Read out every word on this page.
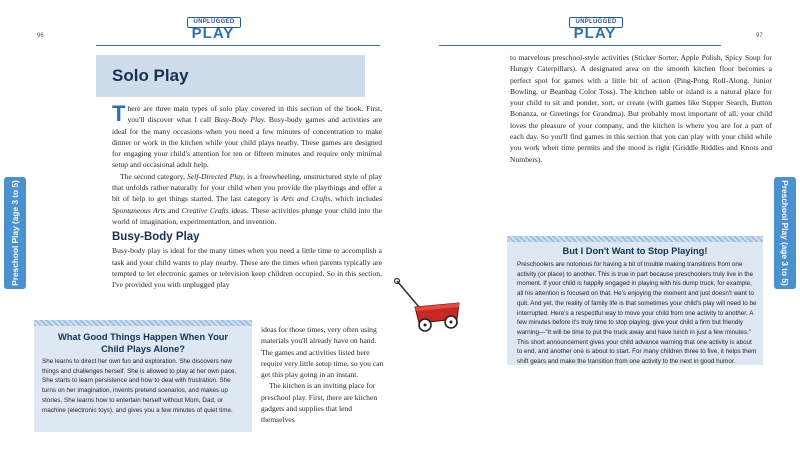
96
UNPLUGGED
PLAY
Preschool Play (age 3 to 5)
Solo Play

There are three main types of solo play covered in this section of the book. First, you'll discover what I call Busy-Body Play. Busy-body games and activities are ideal for the many occasions when you need a few minutes of concentration to make dinner or work in the kitchen while your child plays nearby. These games are designed for engaging your child's attention for ten or fifteen minutes and require only minimal setup and occasional adult help.

The second category, Self-Directed Play, is a freewheeling, unstructured style of play that unfolds rather naturally for your child when you provide the playthings and offer a bit of help to get things started. The last category is Arts and Crafts, which includes Spontaneous Arts and Creative Crafts ideas. These activities plunge your child into the world of imagination, experimentation, and invention.

Busy-Body Play

Busy-body play is ideal for the many times when you need a little time to accomplish a task and your child wants to play nearby. These are the times when parents typically are tempted to let electronic games or television keep children occupied. So in this section, I've provided you with unplugged play

ideas for those times, very often using materials you'll already have on hand. The games and activities listed here require very little setup time, so you can get this play going in an instant.

The kitchen is an inviting place for preschool play. First, there are kitchen gadgets and supplies that lend themselves

What Good Things Happen When Your Child Plays Alone?
She learns to direct her own fun and exploration. She discovers new things and challenges herself. She is allowed to play at her own pace. She starts to learn persistence and how to deal with frustration. She turns on her imagination, invents pretend scenarios, and makes up stories. She learns how to entertain herself without Mom, Dad, or machine (electronic toys), and gives you a few minutes of quiet time.
97
UNPLUGGED
PLAY
Preschool Play (age 3 to 5)

to marvelous preschool-style activities (Sticker Sorter, Apple Polish, Spicy Soup for Hungry Caterpillars). A designated area on the smooth kitchen floor becomes a perfect spot for games with a little bit of action (Ping-Pong Roll-Along, Junior Bowling, or Beanbag Color Toss). The kitchen table or island is a natural place for your child to sit and ponder, sort, or create (with games like Supper Search, Button Bonanza, or Greetings for Grandma). But probably most important of all, your child loves the pleasure of your company, and the kitchen is where you are for a part of each day. So you'll find games in this section that you can play with your child while you work when time permits and the mood is right (Griddle Riddles and Knots and Numbers).

But I Don't Want to Stop Playing!
Preschoolers are notorious for having a bit of trouble making transitions from one activity (or place) to another. This is true in part because preschoolers truly live in the moment. If your child is happily engaged in playing with his dump truck, for example, all his attention is focused on that. He's enjoying the moment and just doesn't want to quit. And yet, the reality of family life is that sometimes your child's play will need to be interrupted. Here's a respectful way to move your child from one activity to another. A few minutes before it's truly time to stop playing, give your child a firm but friendly warning—"It will be time to put the truck away and have lunch in just a few minutes." This short announcement gives your child advance warning that one activity is about to end, and another one is about to start. For many children three to five, it helps them shift gears and make the transition from one activity to the next in good humor.
